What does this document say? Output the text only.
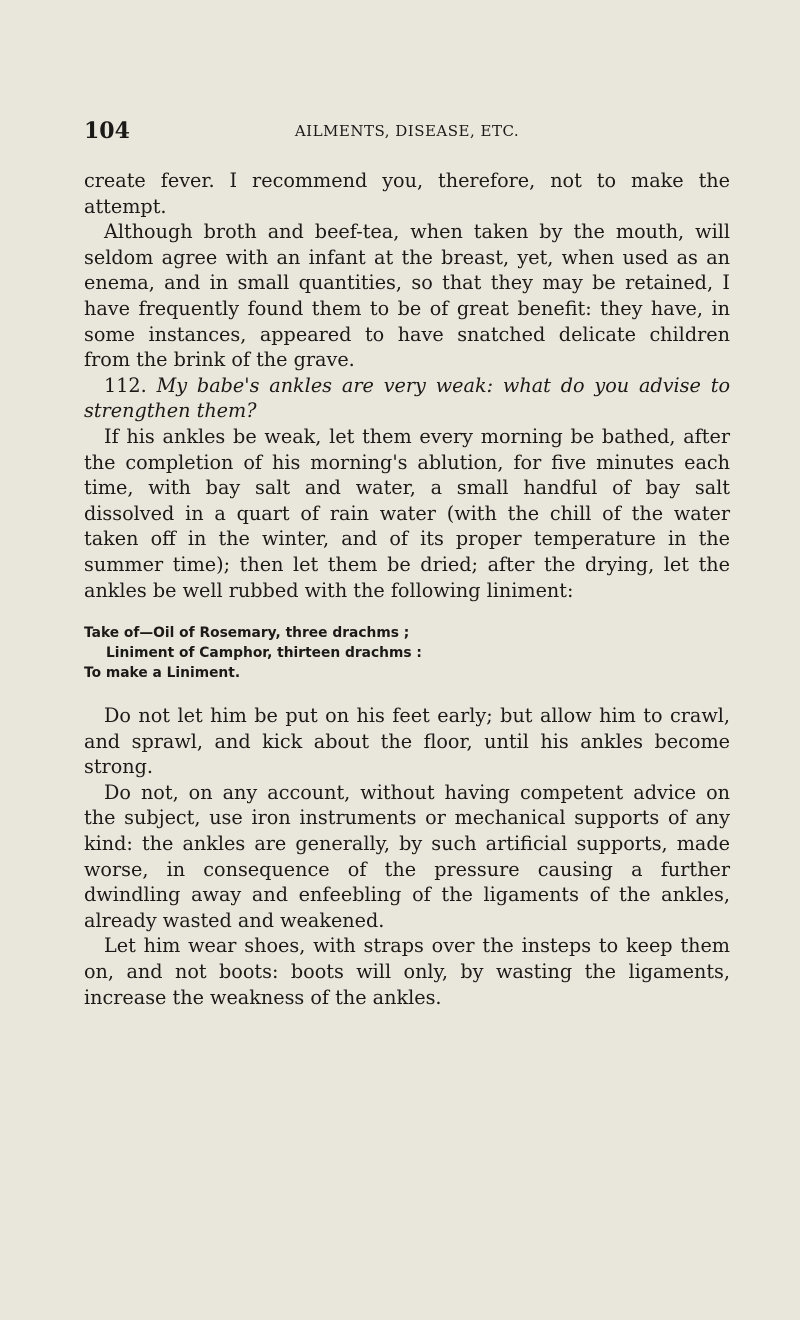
104	AILMENTS, DISEASE, ETC.

create fever. I recommend you, therefore, not to make the attempt.

Although broth and beef-tea, when taken by the mouth, will seldom agree with an infant at the breast, yet, when used as an enema, and in small quantities, so that they may be retained, I have frequently found them to be of great benefit: they have, in some instances, appeared to have snatched delicate children from the brink of the grave.

112. My babe's ankles are very weak: what do you advise to strengthen them?

If his ankles be weak, let them every morning be bathed, after the completion of his morning's ablution, for five minutes each time, with bay salt and water, a small handful of bay salt dissolved in a quart of rain water (with the chill of the water taken off in the winter, and of its proper temperature in the summer time); then let them be dried; after the drying, let the ankles be well rubbed with the following liniment:

Take of—Oil of Rosemary, three drachms ;
Liniment of Camphor, thirteen drachms :
To make a Liniment.

Do not let him be put on his feet early; but allow him to crawl, and sprawl, and kick about the floor, until his ankles become strong.

Do not, on any account, without having competent advice on the subject, use iron instruments or mechanical supports of any kind: the ankles are generally, by such artificial supports, made worse, in consequence of the pressure causing a further dwindling away and enfeebling of the ligaments of the ankles, already wasted and weakened.

Let him wear shoes, with straps over the insteps to keep them on, and not boots: boots will only, by wasting the ligaments, increase the weakness of the ankles.
